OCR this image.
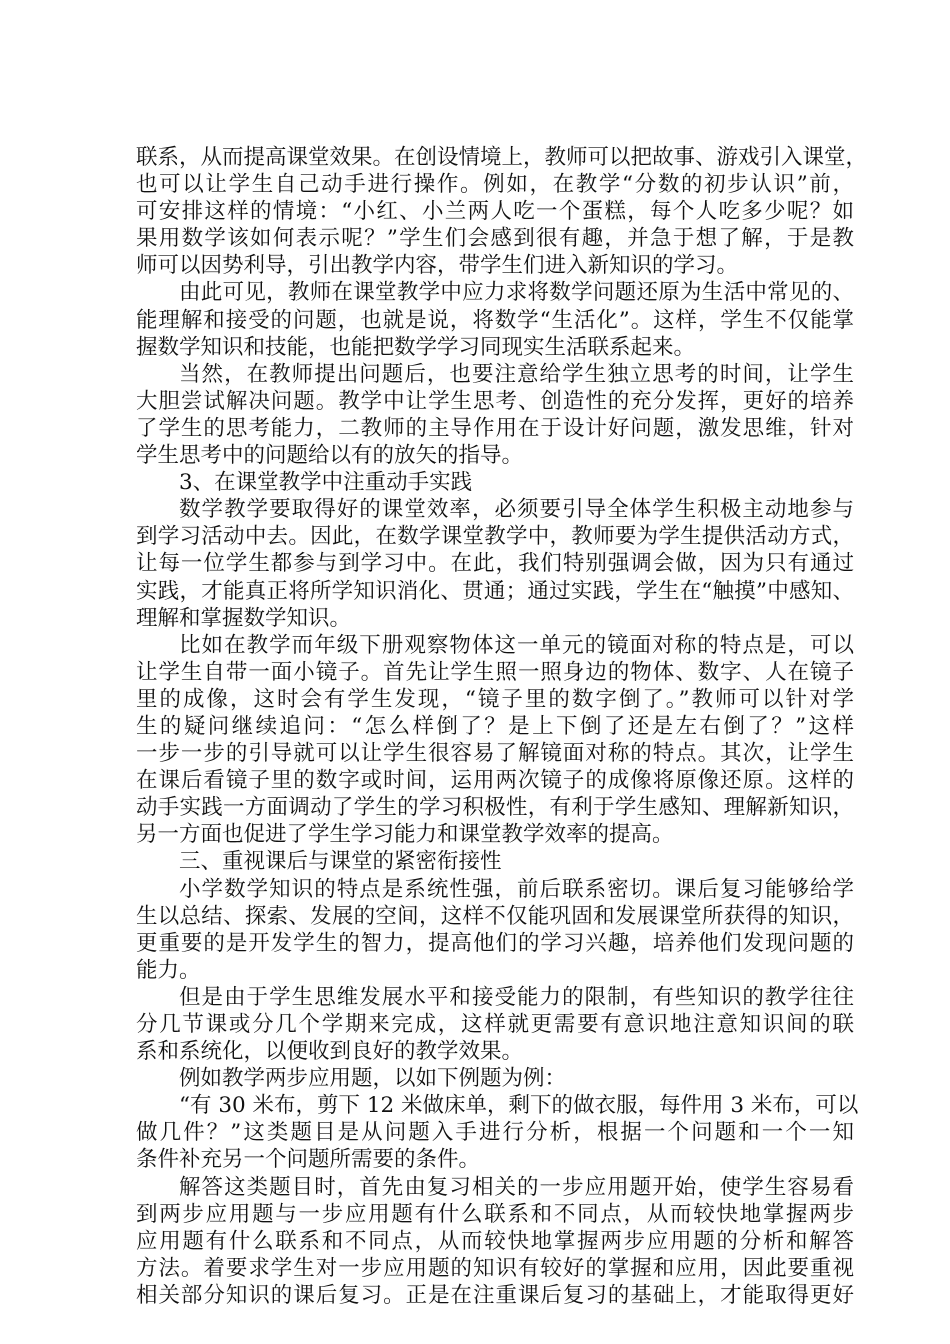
联系，从而提高课堂效果。在创设情境上，教师可以把故事、游戏引入课堂，
也可以让学生自己动手进行操作。例如，在教学“分数的初步认识”前，
可安排这样的情境：“小红、小兰两人吃一个蛋糕，每个人吃多少呢？如
果用数学该如何表示呢？”学生们会感到很有趣，并急于想了解，于是教
师可以因势利导，引出教学内容，带学生们进入新知识的学习。
由此可见，教师在课堂教学中应力求将数学问题还原为生活中常见的、
能理解和接受的问题，也就是说，将数学“生活化”。这样，学生不仅能掌
握数学知识和技能，也能把数学学习同现实生活联系起来。
当然，在教师提出问题后，也要注意给学生独立思考的时间，让学生
大胆尝试解决问题。教学中让学生思考、创造性的充分发挥，更好的培养
了学生的思考能力，二教师的主导作用在于设计好问题，激发思维，针对
学生思考中的问题给以有的放矢的指导。
3、在课堂教学中注重动手实践
数学教学要取得好的课堂效率，必须要引导全体学生积极主动地参与
到学习活动中去。因此，在数学课堂教学中，教师要为学生提供活动方式，
让每一位学生都参与到学习中。在此，我们特别强调会做，因为只有通过
实践，才能真正将所学知识消化、贯通；通过实践，学生在“触摸”中感知、
理解和掌握数学知识。
比如在教学而年级下册观察物体这一单元的镜面对称的特点是，可以
让学生自带一面小镜子。首先让学生照一照身边的物体、数字、人在镜子
里的成像，这时会有学生发现，“镜子里的数字倒了。”教师可以针对学
生的疑问继续追问：“怎么样倒了？是上下倒了还是左右倒了？”这样
一步一步的引导就可以让学生很容易了解镜面对称的特点。其次，让学生
在课后看镜子里的数字或时间，运用两次镜子的成像将原像还原。这样的
动手实践一方面调动了学生的学习积极性，有利于学生感知、理解新知识，
另一方面也促进了学生学习能力和课堂教学效率的提高。
三、重视课后与课堂的紧密衔接性
小学数学知识的特点是系统性强，前后联系密切。课后复习能够给学
生以总结、探索、发展的空间，这样不仅能巩固和发展课堂所获得的知识，
更重要的是开发学生的智力，提高他们的学习兴趣，培养他们发现问题的
能力。
但是由于学生思维发展水平和接受能力的限制，有些知识的教学往往
分几节课或分几个学期来完成，这样就更需要有意识地注意知识间的联
系和系统化，以便收到良好的教学效果。
例如教学两步应用题，以如下例题为例：
“有 30 米布，剪下 12 米做床单，剩下的做衣服，每件用 3 米布，可以
做几件？”这类题目是从问题入手进行分析，根据一个问题和一个一知
条件补充另一个问题所需要的条件。
解答这类题目时，首先由复习相关的一步应用题开始，使学生容易看
到两步应用题与一步应用题有什么联系和不同点，从而较快地掌握两步
应用题有什么联系和不同点，从而较快地掌握两步应用题的分析和解答
方法。着要求学生对一步应用题的知识有较好的掌握和应用，因此要重视
相关部分知识的课后复习。正是在注重课后复习的基础上，才能取得更好
